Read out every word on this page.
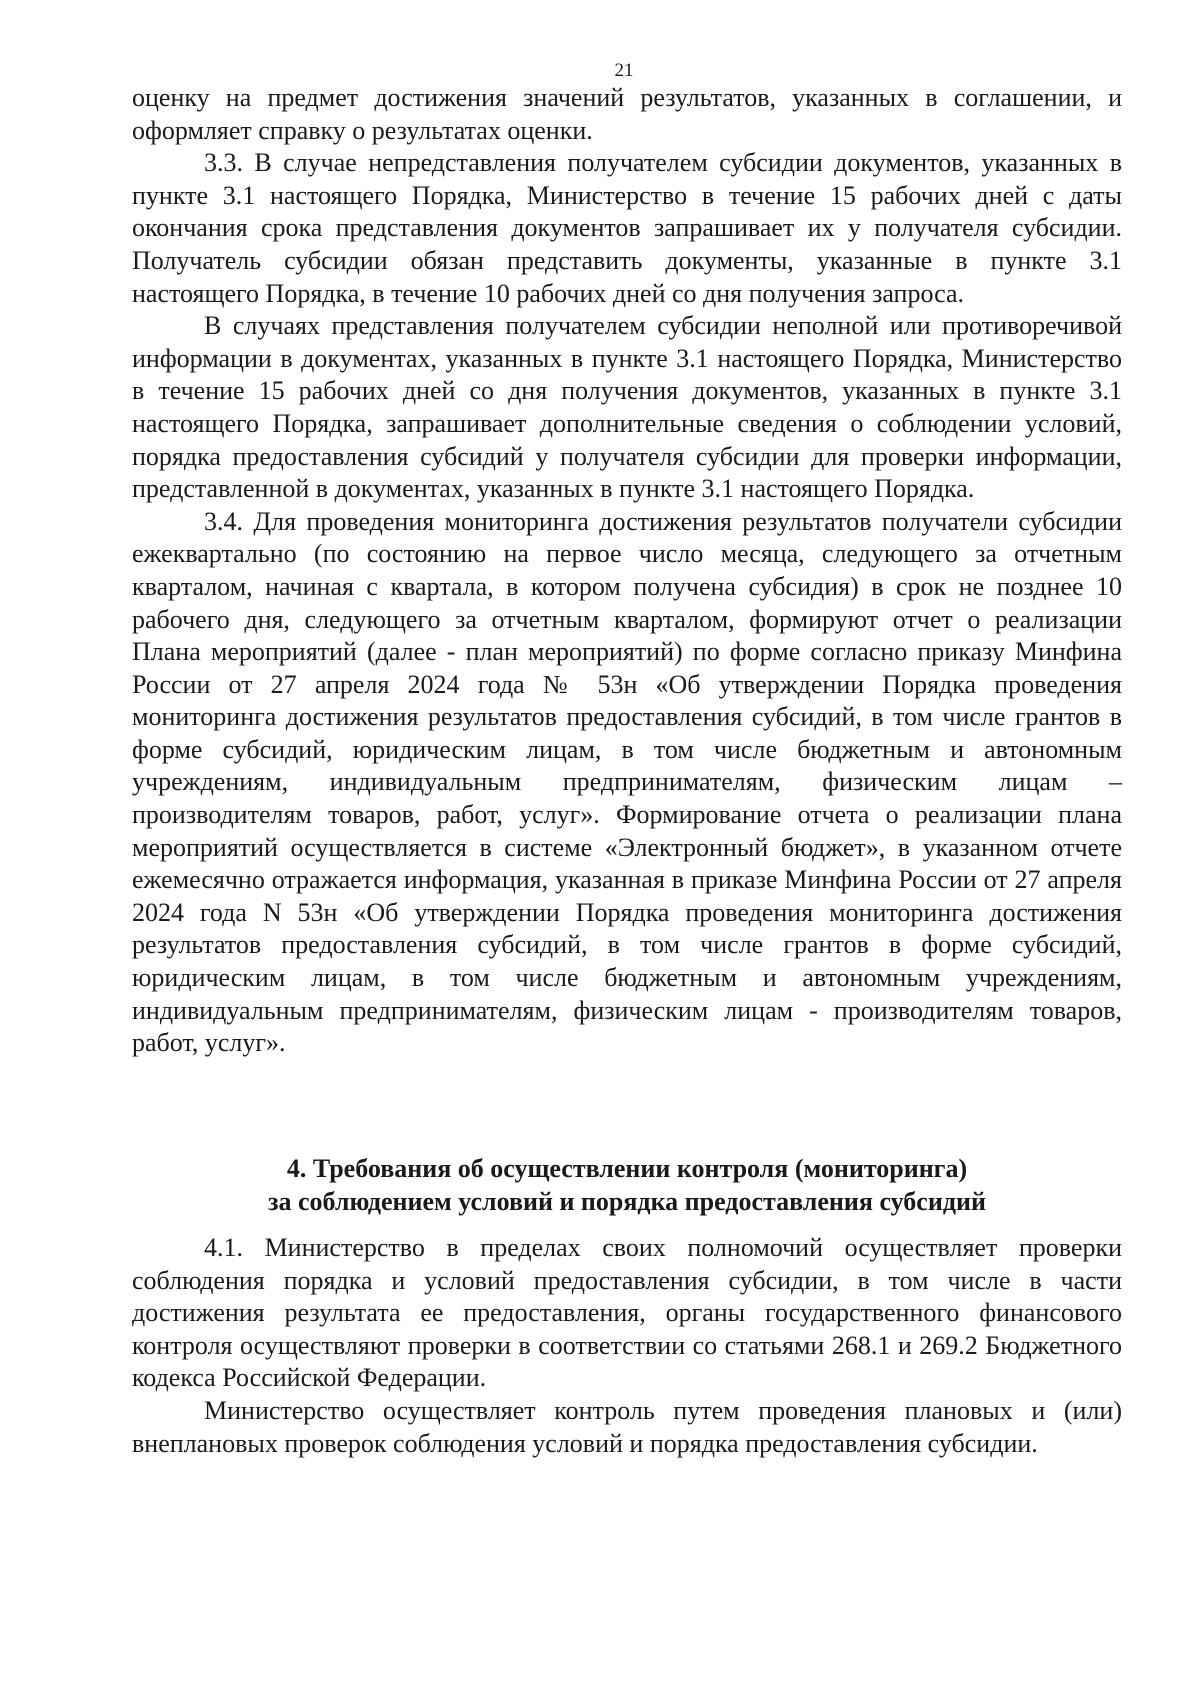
21

оценку на предмет достижения значений результатов, указанных в соглашении, и оформляет справку о результатах оценки.

3.3. В случае непредставления получателем субсидии документов, указанных в пункте 3.1 настоящего Порядка, Министерство в течение 15 рабочих дней с даты окончания срока представления документов запрашивает их у получателя субсидии. Получатель субсидии обязан представить документы, указанные в пункте 3.1 настоящего Порядка, в течение 10 рабочих дней со дня получения запроса.

В случаях представления получателем субсидии неполной или противоречивой информации в документах, указанных в пункте 3.1 настоящего Порядка, Министерство в течение 15 рабочих дней со дня получения документов, указанных в пункте 3.1 настоящего Порядка, запрашивает дополнительные сведения о соблюдении условий, порядка предоставления субсидий у получателя субсидии для проверки информации, представленной в документах, указанных в пункте 3.1 настоящего Порядка.

3.4. Для проведения мониторинга достижения результатов получатели субсидии ежеквартально (по состоянию на первое число месяца, следующего за отчетным кварталом, начиная с квартала, в котором получена субсидия) в срок не позднее 10 рабочего дня, следующего за отчетным кварталом, формируют отчет о реализации Плана мероприятий (далее - план мероприятий) по форме согласно приказу Минфина России от 27 апреля 2024 года № 53н «Об утверждении Порядка проведения мониторинга достижения результатов предоставления субсидий, в том числе грантов в форме субсидий, юридическим лицам, в том числе бюджетным и автономным учреждениям, индивидуальным предпринимателям, физическим лицам – производителям товаров, работ, услуг». Формирование отчета о реализации плана мероприятий осуществляется в системе «Электронный бюджет», в указанном отчете ежемесячно отражается информация, указанная в приказе Минфина России от 27 апреля 2024 года N 53н «Об утверждении Порядка проведения мониторинга достижения результатов предоставления субсидий, в том числе грантов в форме субсидий, юридическим лицам, в том числе бюджетным и автономным учреждениям, индивидуальным предпринимателям, физическим лицам - производителям товаров, работ, услуг».

4. Требования об осуществлении контроля (мониторинга)
за соблюдением условий и порядка предоставления субсидий

4.1. Министерство в пределах своих полномочий осуществляет проверки соблюдения порядка и условий предоставления субсидии, в том числе в части достижения результата ее предоставления, органы государственного финансового контроля осуществляют проверки в соответствии со статьями 268.1 и 269.2 Бюджетного кодекса Российской Федерации.

Министерство осуществляет контроль путем проведения плановых и (или) внеплановых проверок соблюдения условий и порядка предоставления субсидии.
